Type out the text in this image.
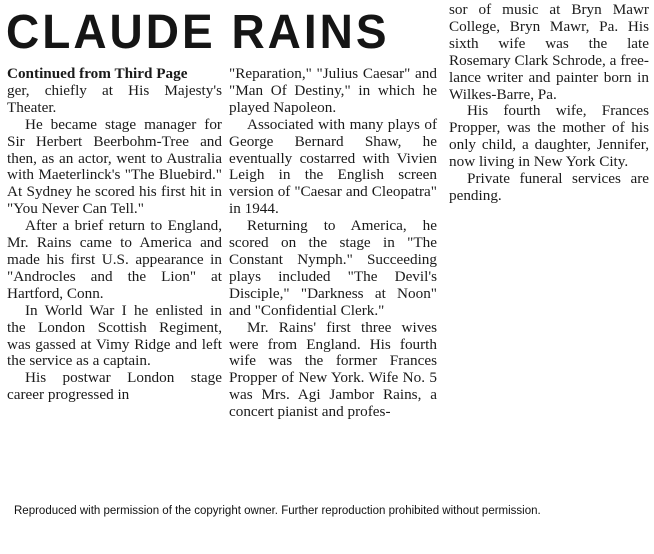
CLAUDE RAINS
Continued from Third Page

ger, chiefly at His Majesty's Theater.

He became stage manager for Sir Herbert Beerbohm-Tree and then, as an actor, went to Australia with Maeterlinck's "The Bluebird." At Sydney he scored his first hit in "You Never Can Tell."

After a brief return to England, Mr. Rains came to America and made his first U.S. appearance in "Androcles and the Lion" at Hartford, Conn.

In World War I he enlisted in the London Scottish Regiment, was gassed at Vimy Ridge and left the service as a captain.

His postwar London stage career progressed in

"Reparation," "Julius Caesar" and "Man Of Destiny," in which he played Napoleon.

Associated with many plays of George Bernard Shaw, he eventually costarred with Vivien Leigh in the English screen version of "Caesar and Cleopatra" in 1944.

Returning to America, he scored on the stage in "The Constant Nymph." Succeeding plays included "The Devil's Disciple," "Darkness at Noon" and "Confidential Clerk."

Mr. Rains' first three wives were from England. His fourth wife was the former Frances Propper of New York. Wife No. 5 was Mrs. Agi Jambor Rains, a concert pianist and profes-

sor of music at Bryn Mawr College, Bryn Mawr, Pa. His sixth wife was the late Rosemary Clark Schrode, a free-lance writer and painter born in Wilkes-Barre, Pa.

His fourth wife, Frances Propper, was the mother of his only child, a daughter, Jennifer, now living in New York City.

Private funeral services are pending.

Reproduced with permission of the copyright owner. Further reproduction prohibited without permission.
